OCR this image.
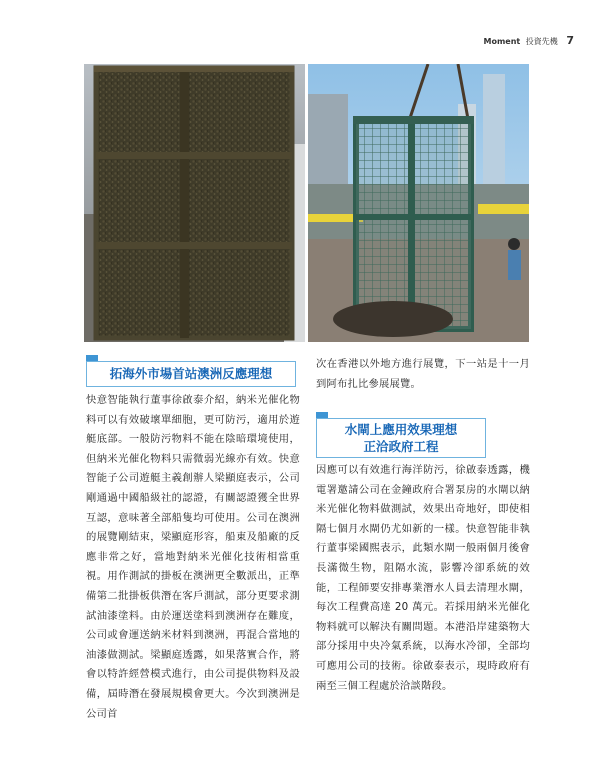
Moment 投資先機 7
拓海外市場首站澳洲反應理想
快意智能執行董事徐啟泰介紹，納米光催化物料可以有效破壞單細胞，更可防污，適用於遊艇底部。一般防污物料不能在陰暗環境使用，但納米光催化物料只需微弱光線亦有效。快意智能子公司遊艇主義創辦人梁顯庭表示，公司剛通過中國船級社的認證，有關認證獲全世界互認，意味著全部船隻均可使用。公司在澳洲的展覽剛結束，梁顯庭形容，船東及船廠的反應非常之好，當地對納米光催化技術相當重視。用作測試的掛板在澳洲更全數派出，正準備第二批掛板供潛在客戶測試，部分更要求測試油漆塗料。由於運送塗料到澳洲存在難度，公司或會運送納米材料到澳洲，再混合當地的油漆做測試。梁顯庭透露，如果落實合作，將會以特許經營模式進行，由公司提供物料及設備，屆時潛在發展規模會更大。今次到澳洲是公司首
次在香港以外地方進行展覽，下一站是十一月到阿布扎比參展展覽。
水閘上應用效果理想
正洽政府工程
因應可以有效進行海洋防污，徐啟泰透露，機電署邀請公司在金鐘政府合署泵房的水閘以納米光催化物料做測試，效果出奇地好，即使相隔七個月水閘仍尤如新的一樣。快意智能非執行董事梁國熙表示，此類水閘一般兩個月後會長滿微生物，阻隔水流，影響冷卻系統的效能，工程師要安排專業潛水人員去清理水閘，每次工程費高達 20 萬元。若採用納米光催化物料就可以解決有關問題。本港沿岸建築物大部分採用中央冷氣系統，以海水冷卻，全部均可應用公司的技術。徐啟泰表示，現時政府有兩至三個工程處於洽談階段。
